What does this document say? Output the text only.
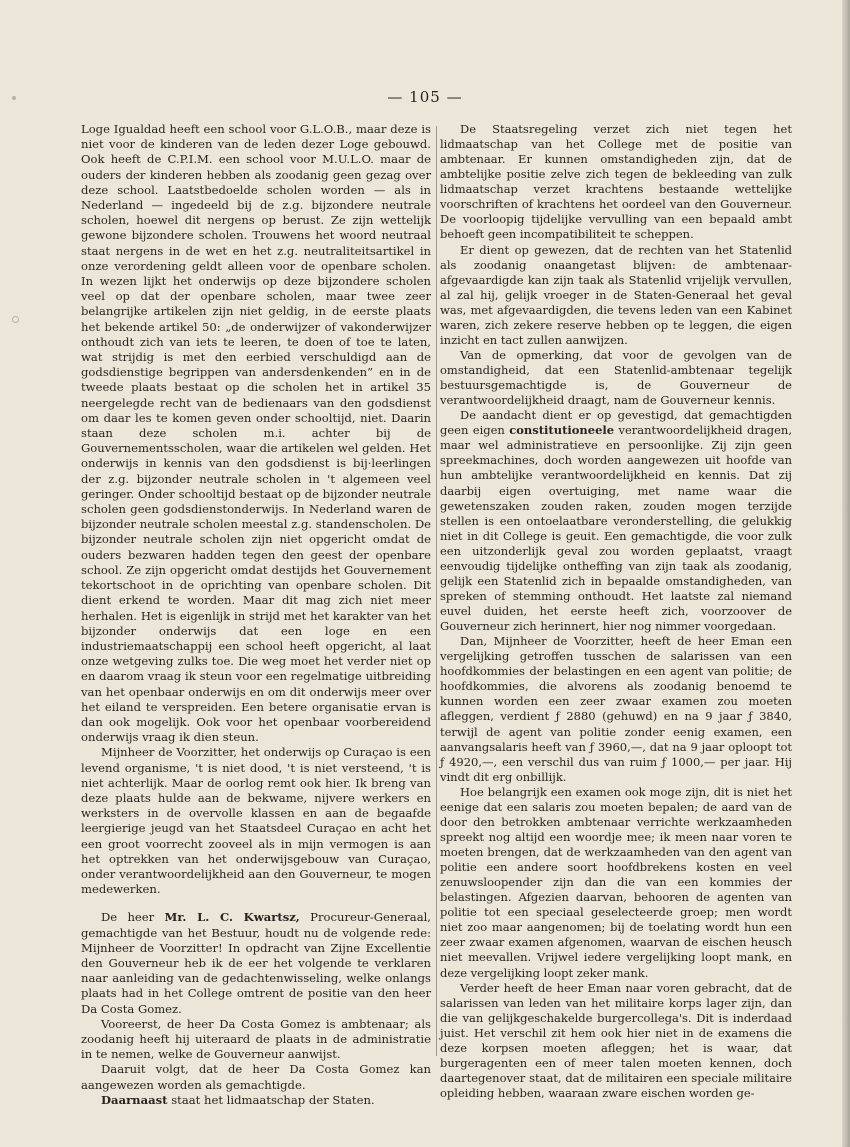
— 105 —

Loge Igualdad heeft een school voor G.L.O.B., maar deze is niet voor de kinderen van de leden dezer Loge gebouwd. Ook heeft de C.P.I.M. een school voor M.U.L.O. maar de ouders der kinderen hebben als zoodanig geen gezag over deze school. Laatstbedoelde scholen worden — als in Nederland — ingedeeld bij de z.g. bijzondere neutrale scholen, hoewel dit nergens op berust. Ze zijn wettelijk gewone bijzondere scholen. Trouwens het woord neutraal staat nergens in de wet en het z.g. neutraliteitsartikel in onze verordening geldt alleen voor de openbare scholen. In wezen lijkt het onderwijs op deze bijzondere scholen veel op dat der openbare scholen, maar twee zeer belangrijke artikelen zijn niet geldig, in de eerste plaats het bekende artikel 50: „de onderwijzer of vakonderwijzer onthoudt zich van iets te leeren, te doen of toe te laten, wat strijdig is met den eerbied verschuldigd aan de godsdienstige begrippen van andersdenkenden” en in de tweede plaats bestaat op die scholen het in artikel 35 neergelegde recht van de bedienaars van den godsdienst om daar les te komen geven onder schooltijd, niet. Daarin staan deze scholen m.i. achter bij de Gouvernementsscholen, waar die artikelen wel gelden. Het onderwijs in kennis van den godsdienst is bij·leerlingen der z.g. bijzonder neutrale scholen in 't algemeen veel geringer. Onder schooltijd bestaat op de bijzonder neutrale scholen geen godsdienstonderwijs. In Nederland waren de bijzonder neutrale scholen meestal z.g. standenscholen. De bijzonder neutrale scholen zijn niet opgericht omdat de ouders bezwaren hadden tegen den geest der openbare school. Ze zijn opgericht omdat destijds het Gouvernement tekortschoot in de oprichting van openbare scholen. Dit dient erkend te worden. Maar dit mag zich niet meer herhalen. Het is eigenlijk in strijd met het karakter van het bijzonder onderwijs dat een loge en een industriemaatschappij een school heeft opgericht, al laat onze wetgeving zulks toe. Die weg moet het verder niet op en daarom vraag ik steun voor een regelmatige uitbreiding van het openbaar onderwijs en om dit onderwijs meer over het eiland te verspreiden. Een betere organisatie ervan is dan ook mogelijk. Ook voor het openbaar voorbereidend onderwijs vraag ik dien steun.

Mijnheer de Voorzitter, het onderwijs op Curaçao is een levend organisme, 't is niet dood, 't is niet versteend, 't is niet achterlijk. Maar de oorlog remt ook hier. Ik breng van deze plaats hulde aan de bekwame, nijvere werkers en werksters in de overvolle klassen en aan de begaafde leergierige jeugd van het Staatsdeel Curaçao en acht het een groot voorrecht zooveel als in mijn vermogen is aan het optrekken van het onderwijsgebouw van Curaçao, onder verantwoordelijkheid aan den Gouverneur, te mogen medewerken.

De heer Mr. L. C. Kwartsz, Procureur-Generaal, gemachtigde van het Bestuur, houdt nu de volgende rede: Mijnheer de Voorzitter! In opdracht van Zijne Excellentie den Gouverneur heb ik de eer het volgende te verklaren naar aanleiding van de gedachtenwisseling, welke onlangs plaats had in het College omtrent de positie van den heer Da Costa Gomez.

Vooreerst, de heer Da Costa Gomez is ambtenaar; als zoodanig heeft hij uiteraard de plaats in de administratie in te nemen, welke de Gouverneur aanwijst.

Daaruit volgt, dat de heer Da Costa Gomez kan aangewezen worden als gemachtigde.

Daarnaast staat het lidmaatschap der Staten.

De Staatsregeling verzet zich niet tegen het lidmaatschap van het College met de positie van ambtenaar. Er kunnen omstandigheden zijn, dat de ambtelijke positie zelve zich tegen de bekleeding van zulk lidmaatschap verzet krachtens bestaande wettelijke voorschriften of krachtens het oordeel van den Gouverneur. De voorloopig tijdelijke vervulling van een bepaald ambt behoeft geen incompatibiliteit te scheppen.

Er dient op gewezen, dat de rechten van het Statenlid als zoodanig onaangetast blijven: de ambtenaar-afgevaardigde kan zijn taak als Statenlid vrijelijk vervullen, al zal hij, gelijk vroeger in de Staten-Generaal het geval was, met afgevaardigden, die tevens leden van een Kabinet waren, zich zekere reserve hebben op te leggen, die eigen inzicht en tact zullen aanwijzen.

Van de opmerking, dat voor de gevolgen van de omstandigheid, dat een Statenlid-ambtenaar tegelijk bestuursgemachtigde is, de Gouverneur de verantwoordelijkheid draagt, nam de Gouverneur kennis.

De aandacht dient er op gevestigd, dat gemachtigden geen eigen constitutioneele verantwoordelijkheid dragen, maar wel administratieve en persoonlijke. Zij zijn geen spreekmachines, doch worden aangewezen uit hoofde van hun ambtelijke verantwoordelijkheid en kennis. Dat zij daarbij eigen overtuiging, met name waar die gewetenszaken zouden raken, zouden mogen terzijde stellen is een ontoelaatbare veronderstelling, die gelukkig niet in dit College is geuit. Een gemachtigde, die voor zulk een uitzonderlijk geval zou worden geplaatst, vraagt eenvoudig tijdelijke ontheffing van zijn taak als zoodanig, gelijk een Statenlid zich in bepaalde omstandigheden, van spreken of stemming onthoudt. Het laatste zal niemand euvel duiden, het eerste heeft zich, voorzoover de Gouverneur zich herinnert, hier nog nimmer voorgedaan.

Dan, Mijnheer de Voorzitter, heeft de heer Eman een vergelijking getroffen tusschen de salarissen van een hoofdkommies der belastingen en een agent van politie; de hoofdkommies, die alvorens als zoodanig benoemd te kunnen worden een zeer zwaar examen zou moeten afleggen, verdient ƒ 2880 (gehuwd) en na 9 jaar ƒ 3840, terwijl de agent van politie zonder eenig examen, een aanvangsalaris heeft van ƒ 3960,—, dat na 9 jaar oploopt tot ƒ 4920,—, een verschil dus van ruim ƒ 1000,— per jaar. Hij vindt dit erg onbillijk.

Hoe belangrijk een examen ook moge zijn, dit is niet het eenige dat een salaris zou moeten bepalen; de aard van de door den betrokken ambtenaar verrichte werkzaamheden spreekt nog altijd een woordje mee; ik meen naar voren te moeten brengen, dat de werkzaamheden van den agent van politie een andere soort hoofdbrekens kosten en veel zenuwsloopender zijn dan die van een kommies der belastingen. Afgezien daarvan, behooren de agenten van politie tot een speciaal geselecteerde groep; men wordt niet zoo maar aangenomen; bij de toelating wordt hun een zeer zwaar examen afgenomen, waarvan de eischen heusch niet meevallen. Vrijwel iedere vergelijking loopt mank, en deze vergelijking loopt zeker mank.

Verder heeft de heer Eman naar voren gebracht, dat de salarissen van leden van het militaire korps lager zijn, dan die van gelijkgeschakelde burgercollega's. Dit is inderdaad juist. Het verschil zit hem ook hier niet in de examens die deze korpsen moeten afleggen; het is waar, dat burgeragenten een of meer talen moeten kennen, doch daartegenover staat, dat de militairen een speciale militaire opleiding hebben, waaraan zware eischen worden ge-
